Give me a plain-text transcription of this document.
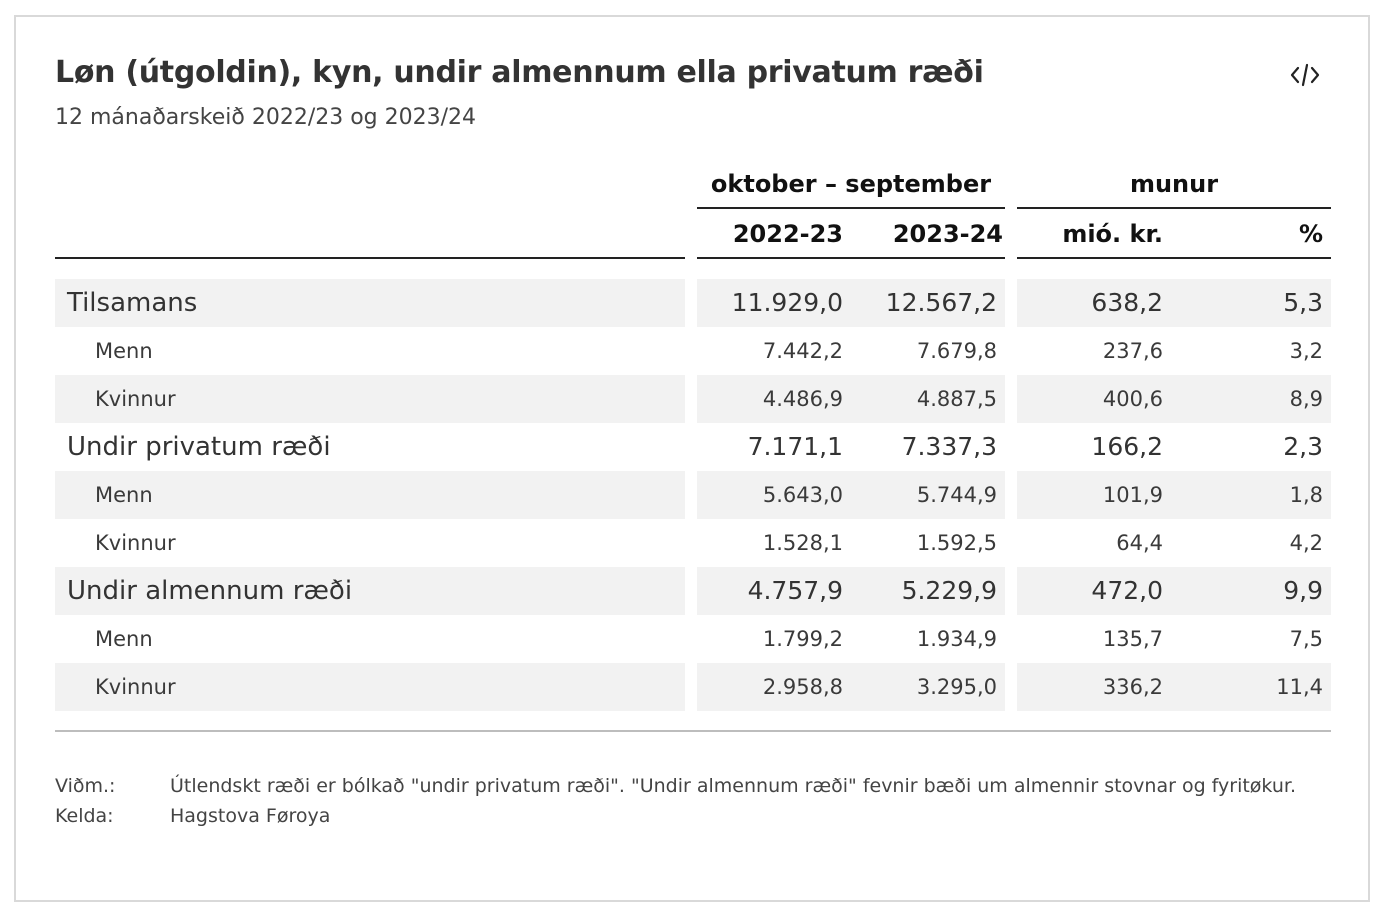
Løn (útgoldin), kyn, undir almennum ella privatum ræði

12 mánaðarskeið 2022/23 og 2023/24

oktober – september	munur
2022-23	2023-24	mió. kr.	%
Tilsamans	11.929,0	12.567,2	638,2	5,3
Menn	7.442,2	7.679,8	237,6	3,2
Kvinnur	4.486,9	4.887,5	400,6	8,9
Undir privatum ræði	7.171,1	7.337,3	166,2	2,3
Menn	5.643,0	5.744,9	101,9	1,8
Kvinnur	1.528,1	1.592,5	64,4	4,2
Undir almennum ræði	4.757,9	5.229,9	472,0	9,9
Menn	1.799,2	1.934,9	135,7	7,5
Kvinnur	2.958,8	3.295,0	336,2	11,4
Viðm.:	Útlendskt ræði er bólkað "undir privatum ræði". "Undir almennum ræði" fevnir bæði um almennir stovnar og fyritøkur.
Kelda:	Hagstova Føroya
